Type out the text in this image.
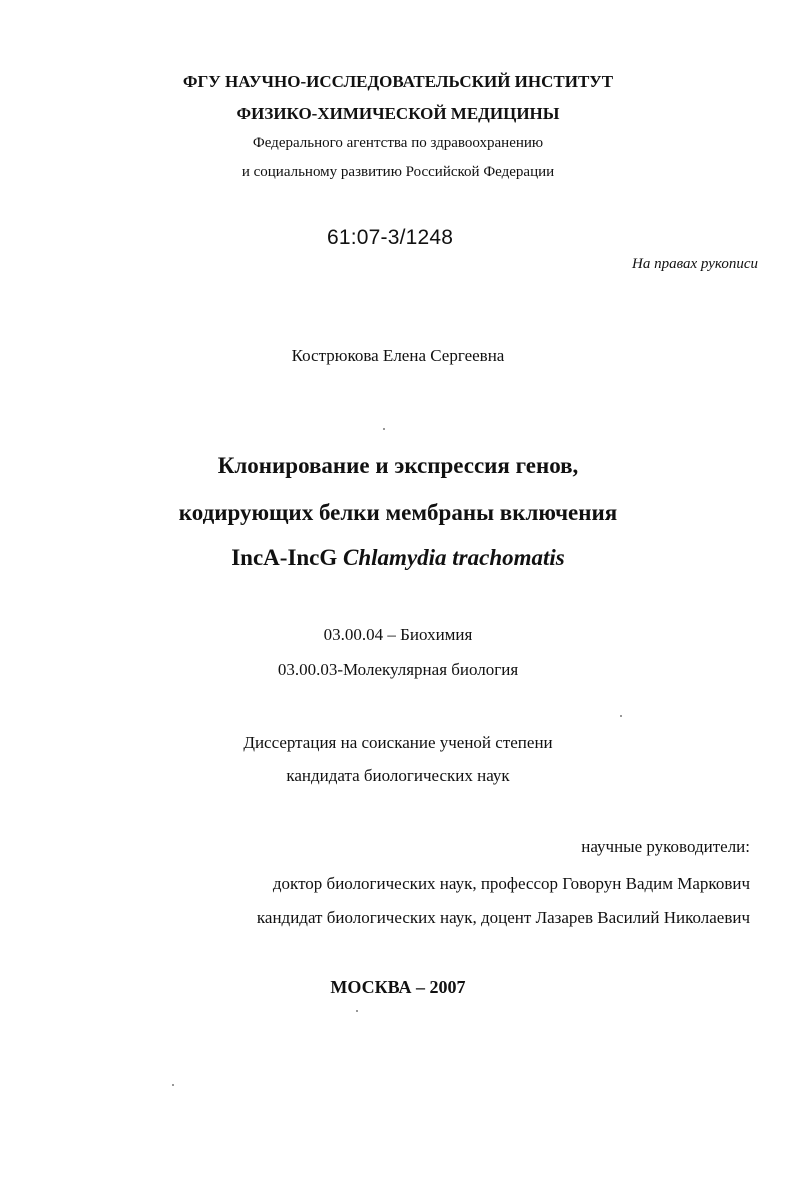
ФГУ НАУЧНО-ИССЛЕДОВАТЕЛЬСКИЙ ИНСТИТУТ
ФИЗИКО-ХИМИЧЕСКОЙ МЕДИЦИНЫ
Федерального агентства по здравоохранению
и социальному развитию Российской Федерации
61:07-3/1248
На правах рукописи
Кострюкова Елена Сергеевна
Клонирование и экспрессия генов,
кодирующих белки мембраны включения
IncA-IncG Chlamydia trachomatis
03.00.04 – Биохимия
03.00.03-Молекулярная биология
Диссертация на соискание ученой степени
кандидата биологических наук
научные руководители:
доктор биологических наук, профессор Говорун Вадим Маркович
кандидат биологических наук, доцент Лазарев Василий Николаевич
МОСКВА – 2007
